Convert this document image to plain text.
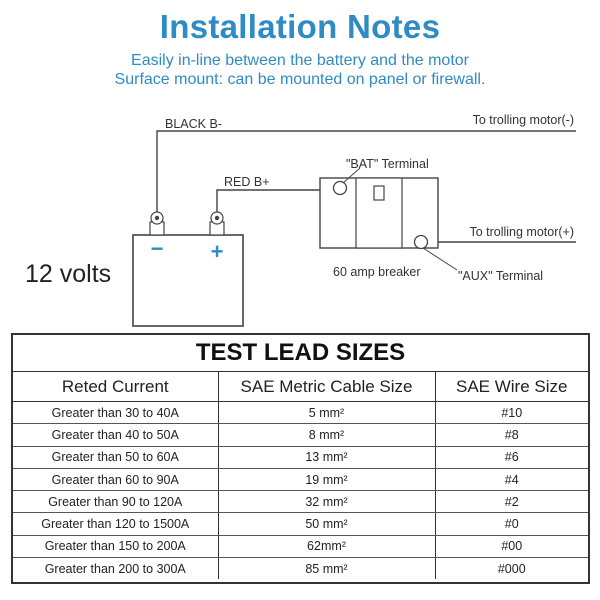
Installation Notes
Easily in-line between the battery and the motor
Surface mount: can be mounted on panel or firewall.
− +
BLACK B-
RED B+
To trolling motor(-)
To trolling motor(+)
"BAT" Terminal
"AUX" Terminal
60 amp breaker
12 volts
TEST LEAD SIZES
Reted Current	SAE Metric Cable Size	SAE Wire Size
Greater than 30 to 40A	5 mm²	#10
Greater than 40 to 50A	8 mm²	#8
Greater than 50 to 60A	13 mm²	#6
Greater than 60 to 90A	19 mm²	#4
Greater than 90 to 120A	32 mm²	#2
Greater than 120 to 1500A	50 mm²	#0
Greater than 150 to 200A	62mm²	#00
Greater than 200 to 300A	85 mm²	#000
